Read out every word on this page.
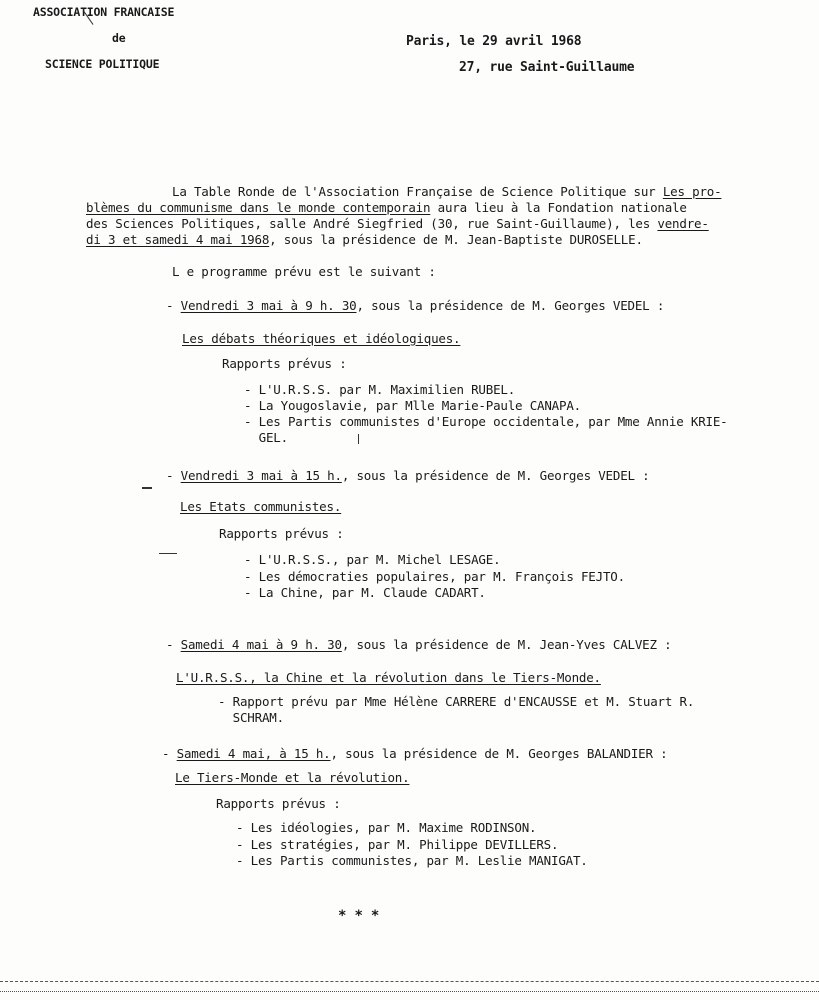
ASSOCIATION FRANCAISE
de
SCIENCE POLITIQUE
Paris, le 29 avril 1968
27, rue Saint-Guillaume
La Table Ronde de l'Association Française de Science Politique sur Les pro-
blèmes du communisme dans le monde contemporain aura lieu à la Fondation nationale
des Sciences Politiques, salle André Siegfried (30, rue Saint-Guillaume), les vendre-
di 3 et samedi 4 mai 1968, sous la présidence de M. Jean-Baptiste DUROSELLE.
L e programme prévu est le suivant :
- Vendredi 3 mai à 9 h. 30, sous la présidence de M. Georges VEDEL :
Les débats théoriques et idéologiques.
Rapports prévus :
- L'U.R.S.S. par M. Maximilien RUBEL.
- La Yougoslavie, par Mlle Marie-Paule CANAPA.
- Les Partis communistes d'Europe occidentale, par Mme Annie KRIE-
GEL.
- Vendredi 3 mai à 15 h., sous la présidence de M. Georges VEDEL :
Les Etats communistes.
Rapports prévus :
- L'U.R.S.S., par M. Michel LESAGE.
- Les démocraties populaires, par M. François FEJTO.
- La Chine, par M. Claude CADART.
- Samedi 4 mai à 9 h. 30, sous la présidence de M. Jean-Yves CALVEZ :
L'U.R.S.S., la Chine et la révolution dans le Tiers-Monde.
- Rapport prévu par Mme Hélène CARRERE d'ENCAUSSE et M. Stuart R.
SCHRAM.
- Samedi 4 mai, à 15 h., sous la présidence de M. Georges BALANDIER :
Le Tiers-Monde et la révolution.
Rapports prévus :
- Les idéologies, par M. Maxime RODINSON.
- Les stratégies, par M. Philippe DEVILLERS.
- Les Partis communistes, par M. Leslie MANIGAT.
* * *
